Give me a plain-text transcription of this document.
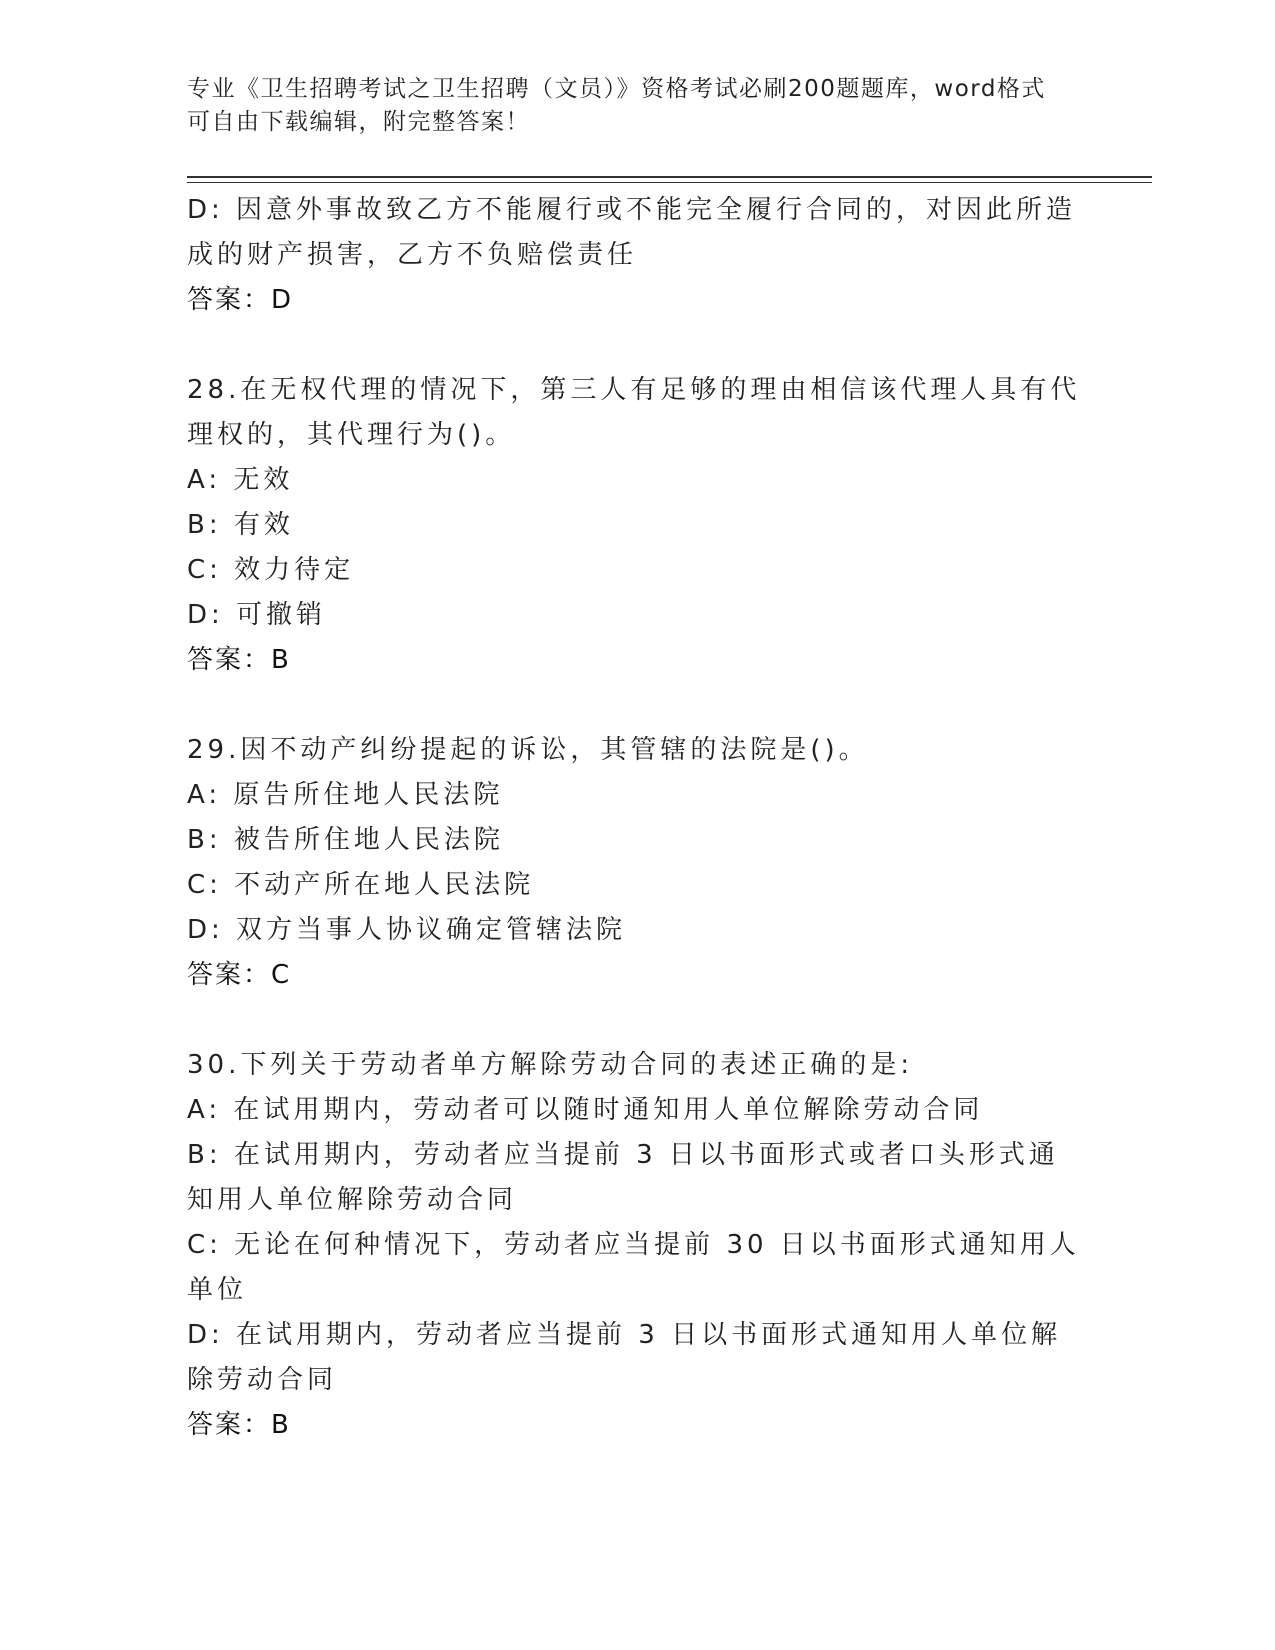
专业《卫生招聘考试之卫生招聘（文员）》资格考试必刷200题题库，word格式
可自由下载编辑，附完整答案！
D: 因意外事故致乙方不能履行或不能完全履行合同的，对因此所造成的财产损害，乙方不负赔偿责任
答案：D
28.在无权代理的情况下，第三人有足够的理由相信该代理人具有代理权的，其代理行为()。
A: 无效
B: 有效
C: 效力待定
D: 可撤销
答案：B
29.因不动产纠纷提起的诉讼，其管辖的法院是()。
A: 原告所住地人民法院
B: 被告所住地人民法院
C: 不动产所在地人民法院
D: 双方当事人协议确定管辖法院
答案：C
30.下列关于劳动者单方解除劳动合同的表述正确的是:
A: 在试用期内，劳动者可以随时通知用人单位解除劳动合同
B: 在试用期内，劳动者应当提前 3 日以书面形式或者口头形式通知用人单位解除劳动合同
C: 无论在何种情况下，劳动者应当提前 30 日以书面形式通知用人单位
D: 在试用期内，劳动者应当提前 3 日以书面形式通知用人单位解除劳动合同
答案：B
